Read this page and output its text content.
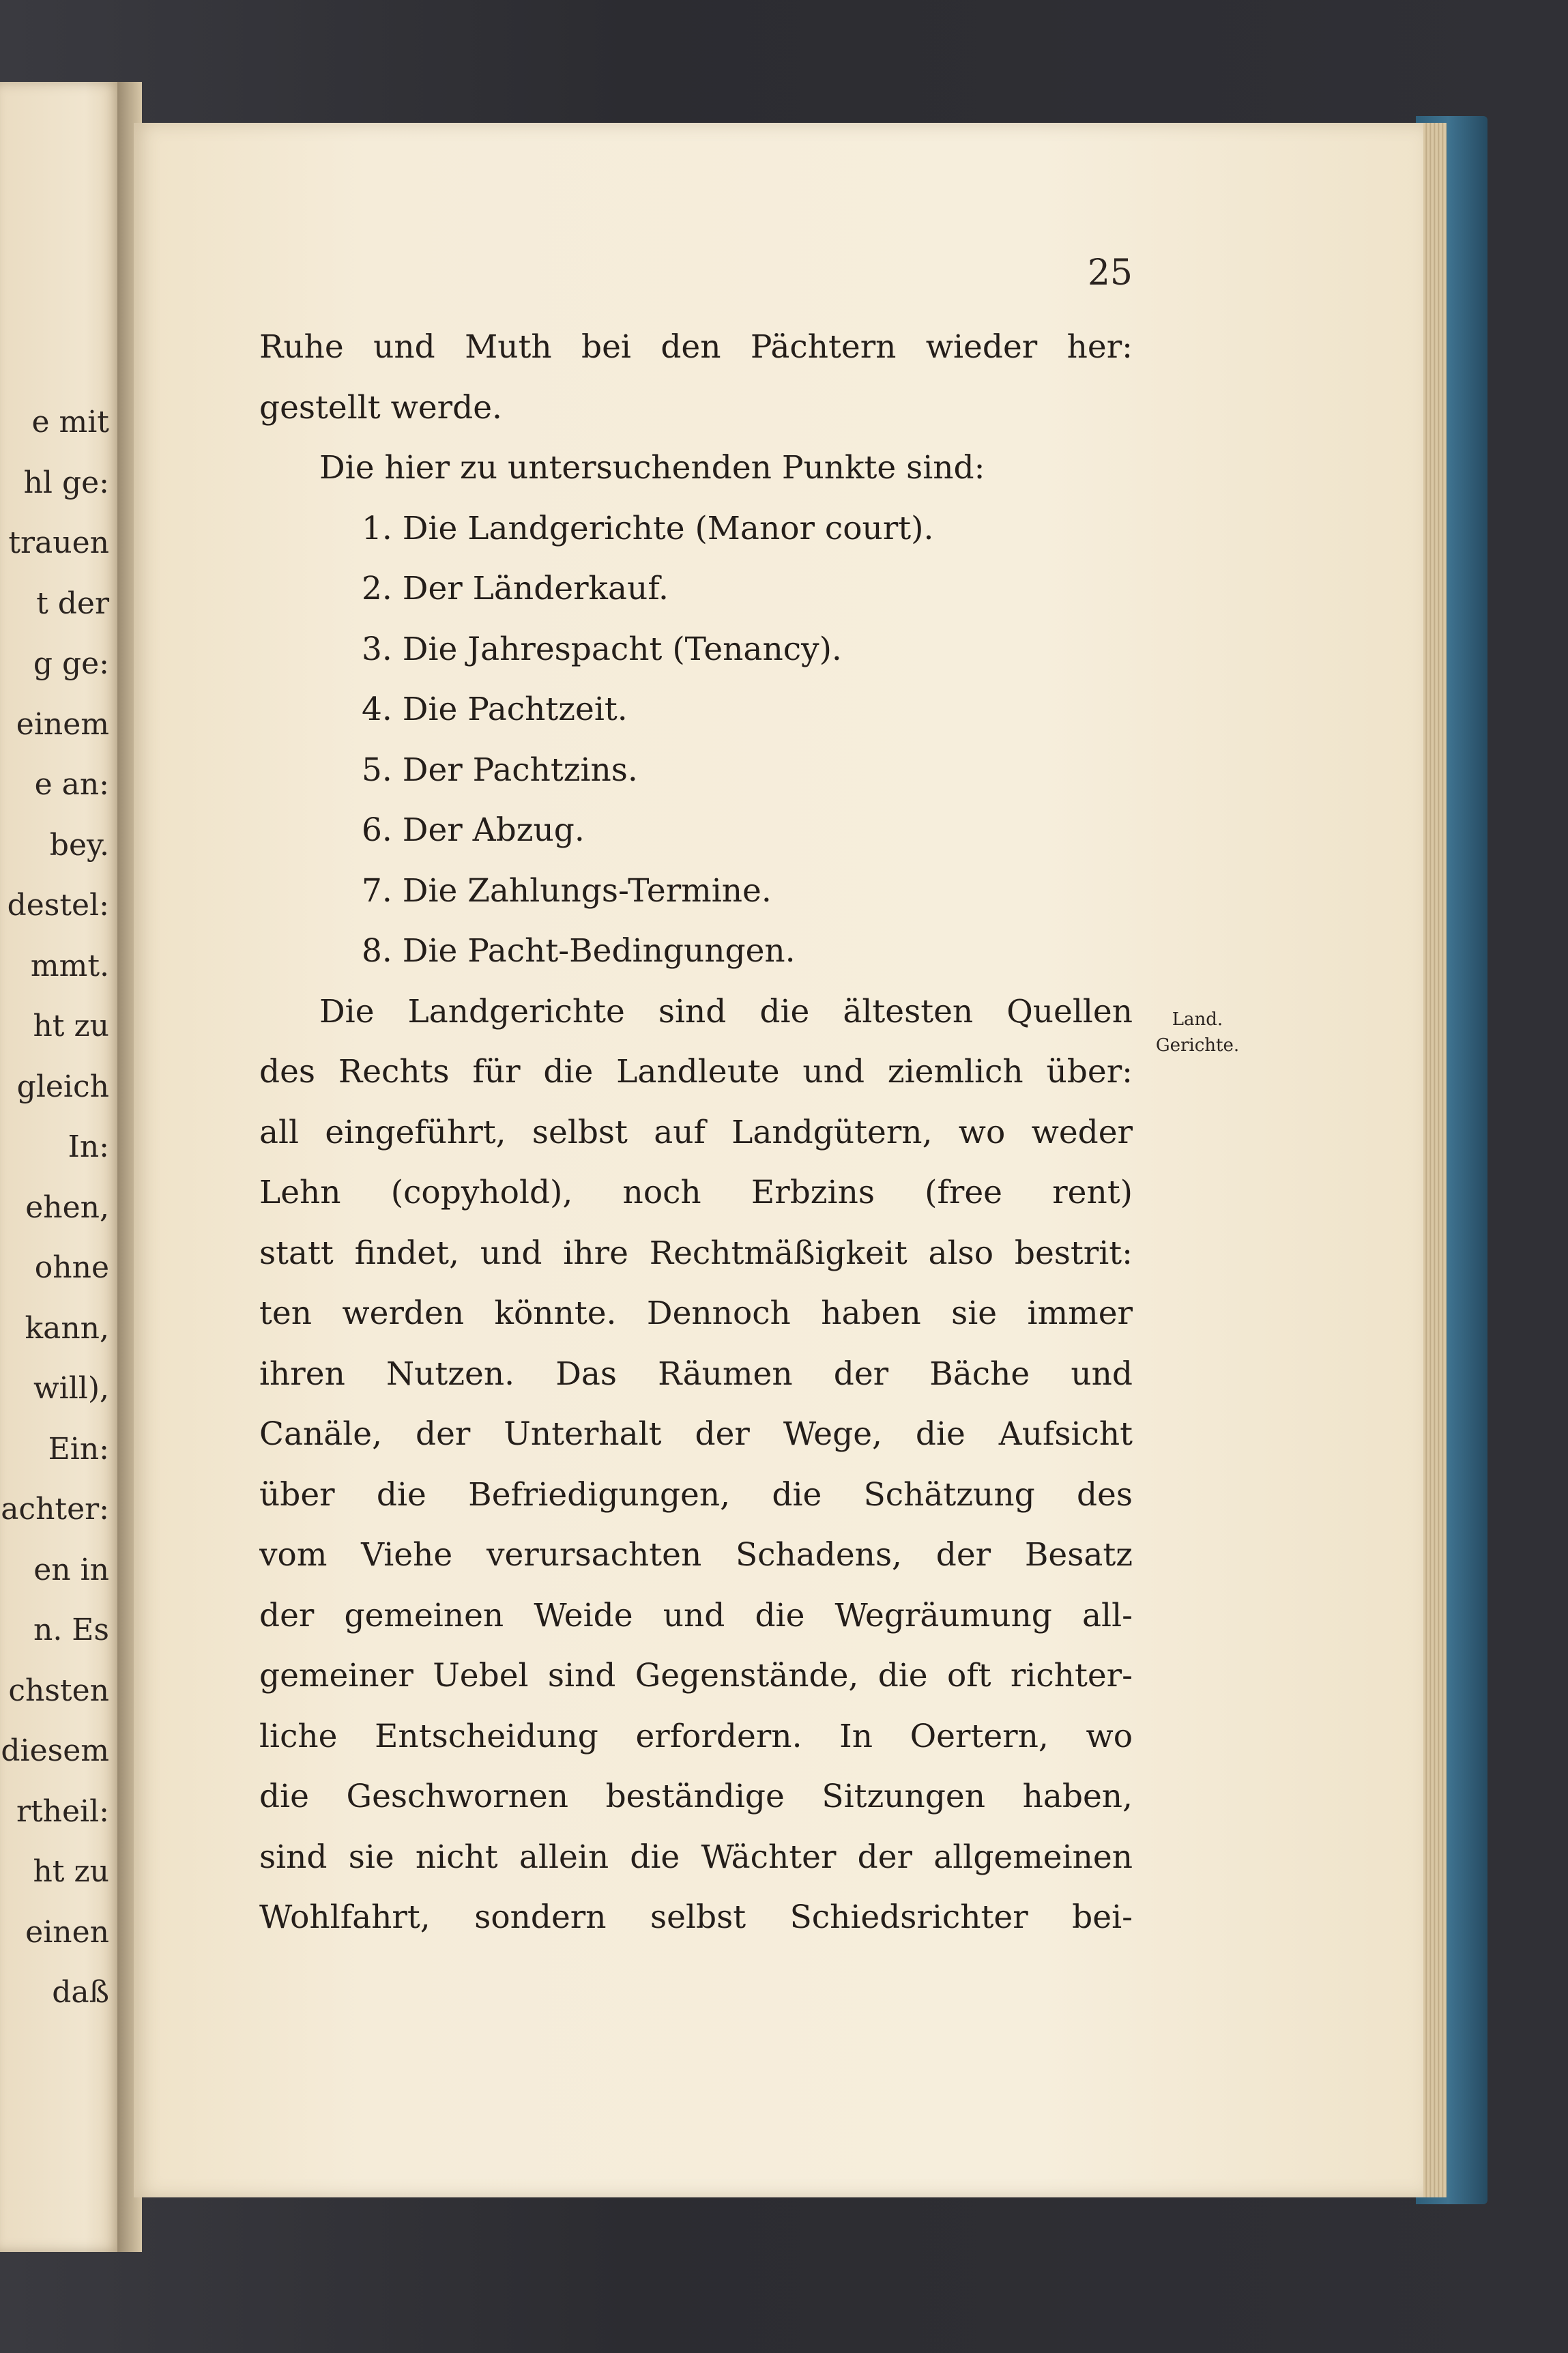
e mit
hl ge:
trauen
t der
g ge:
einem
e an:
bey.
destel:
mmt.
ht zu
gleich
In:
ehen,
ohne
kann,
will),
Ein:
achter:
en in
n. Es
chsten
diesem
rtheil:
ht zu
einen
daß
25
Ruhe und Muth bei den Pächtern wieder her:
gestellt werde.
Die hier zu untersuchenden Punkte sind:
1. Die Landgerichte (Manor court).
2. Der Länderkauf.
3. Die Jahrespacht (Tenancy).
4. Die Pachtzeit.
5. Der Pachtzins.
6. Der Abzug.
7. Die Zahlungs-Termine.
8. Die Pacht-Bedingungen.
Die Landgerichte sind die ältesten Quellen
des Rechts für die Landleute und ziemlich über:
all eingeführt, selbst auf Landgütern, wo weder
Lehn (copyhold), noch Erbzins (free rent)
statt findet, und ihre Rechtmäßigkeit also bestrit:
ten werden könnte. Dennoch haben sie immer
ihren Nutzen. Das Räumen der Bäche und
Canäle, der Unterhalt der Wege, die Aufsicht
über die Befriedigungen, die Schätzung des
vom Viehe verursachten Schadens, der Besatz
der gemeinen Weide und die Wegräumung all-
gemeiner Uebel sind Gegenstände, die oft richter-
liche Entscheidung erfordern. In Oertern, wo
die Geschwornen beständige Sitzungen haben,
sind sie nicht allein die Wächter der allgemeinen
Wohlfahrt, sondern selbst Schiedsrichter bei-
Land.
Gerichte.
